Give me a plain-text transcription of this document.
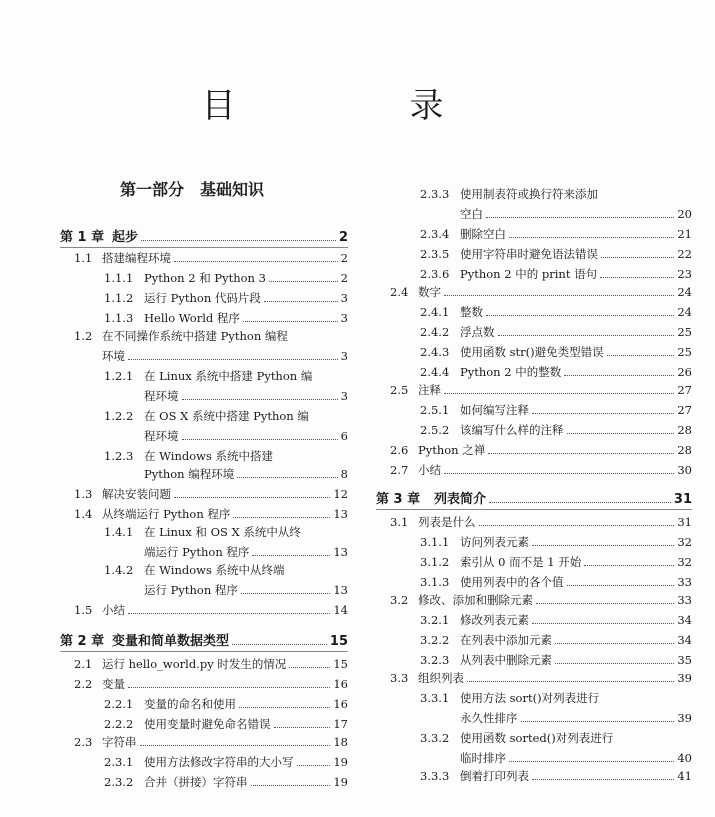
目　录
第一部分　基础知识
第 1 章 起步	2
1.1 搭建编程环境	2
1.1.1 Python 2 和 Python 3	2
1.1.2 运行 Python 代码片段	3
1.1.3 Hello World 程序	3
1.2 在不同操作系统中搭建 Python 编程
环境	3
1.2.1 在 Linux 系统中搭建 Python 编
程环境	3
1.2.2 在 OS X 系统中搭建 Python 编
程环境	6
1.2.3 在 Windows 系统中搭建
Python 编程环境	8
1.3 解决安装问题	12
1.4 从终端运行 Python 程序	13
1.4.1 在 Linux 和 OS X 系统中从终
端运行 Python 程序	13
1.4.2 在 Windows 系统中从终端
运行 Python 程序	13
1.5 小结	14
第 2 章 变量和简单数据类型	15
2.1 运行 hello_world.py 时发生的情况	15
2.2 变量	16
2.2.1 变量的命名和使用	16
2.2.2 使用变量时避免命名错误	17
2.3 字符串	18
2.3.1 使用方法修改字符串的大小写	19
2.3.2 合并（拼接）字符串	19
2.3.3 使用制表符或换行符来添加
空白	20
2.3.4 删除空白	21
2.3.5 使用字符串时避免语法错误	22
2.3.6 Python 2 中的 print 语句	23
2.4 数字	24
2.4.1 整数	24
2.4.2 浮点数	25
2.4.3 使用函数 str()避免类型错误	25
2.4.4 Python 2 中的整数	26
2.5 注释	27
2.5.1 如何编写注释	27
2.5.2 该编写什么样的注释	28
2.6 Python 之禅	28
2.7 小结	30
第 3 章	列表简介	31
3.1 列表是什么	31
3.1.1 访问列表元素	32
3.1.2 索引从 0 而不是 1 开始	32
3.1.3 使用列表中的各个值	33
3.2 修改、添加和删除元素	33
3.2.1 修改列表元素	34
3.2.2 在列表中添加元素	34
3.2.3 从列表中删除元素	35
3.3 组织列表	39
3.3.1 使用方法 sort()对列表进行
永久性排序	39
3.3.2 使用函数 sorted()对列表进行
临时排序	40
3.3.3 倒着打印列表	41
